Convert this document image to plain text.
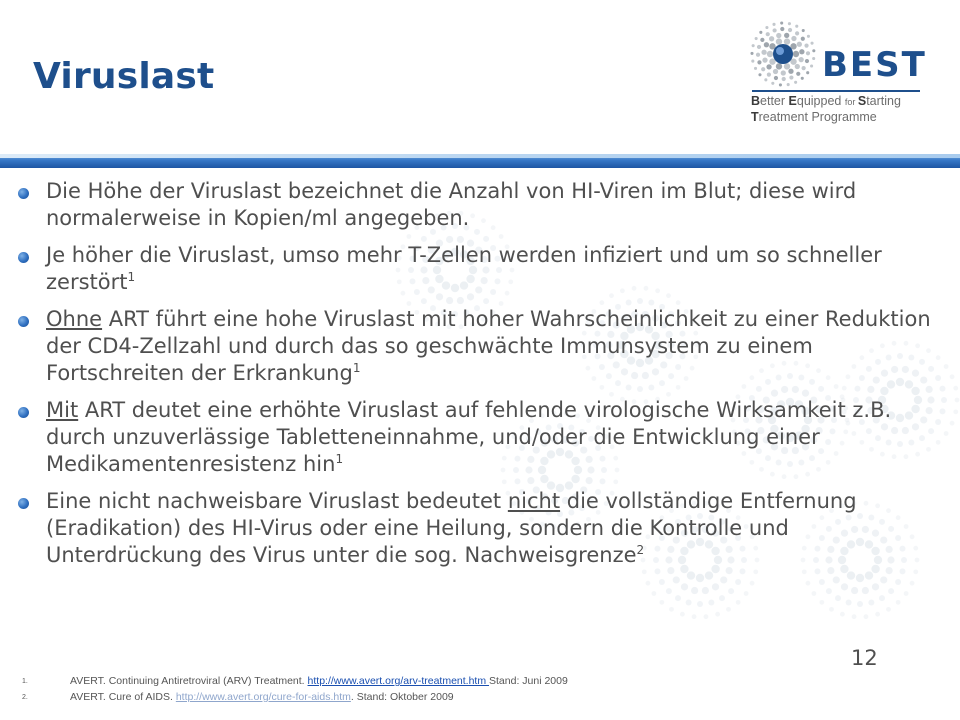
Viruslast	BEST
Better Equipped for Starting
Treatment Programme
Die Höhe der Viruslast bezeichnet die Anzahl von HI-Viren im Blut; diese wird normalerweise in Kopien/ml angegeben.
Je höher die Viruslast, umso mehr T-Zellen werden infiziert und um so schneller zerstört$^1$
Ohne ART führt eine hohe Viruslast mit hoher Wahrscheinlichkeit zu einer Reduktion der CD4-Zellzahl und durch das so geschwächte Immunsystem zu einem Fortschreiten der Erkrankung$^1$
Mit ART deutet eine erhöhte Viruslast auf fehlende virologische Wirksamkeit z.B. durch unzuverlässige Tabletteneinnahme, und/oder die Entwicklung einer Medikamentenresistenz hin$^1$
Eine nicht nachweisbare Viruslast bedeutet nicht die vollständige Entfernung (Eradikation) des HI-Virus oder eine Heilung, sondern die Kontrolle und Unterdrückung des Virus unter die sog. Nachweisgrenze$^2$
12
1.	AVERT. Continuing Antiretroviral (ARV) Treatment. http://www.avert.org/arv-treatment.htm Stand: Juni 2009
2.	AVERT. Cure of AIDS. http://www.avert.org/cure-for-aids.htm. Stand: Oktober 2009
